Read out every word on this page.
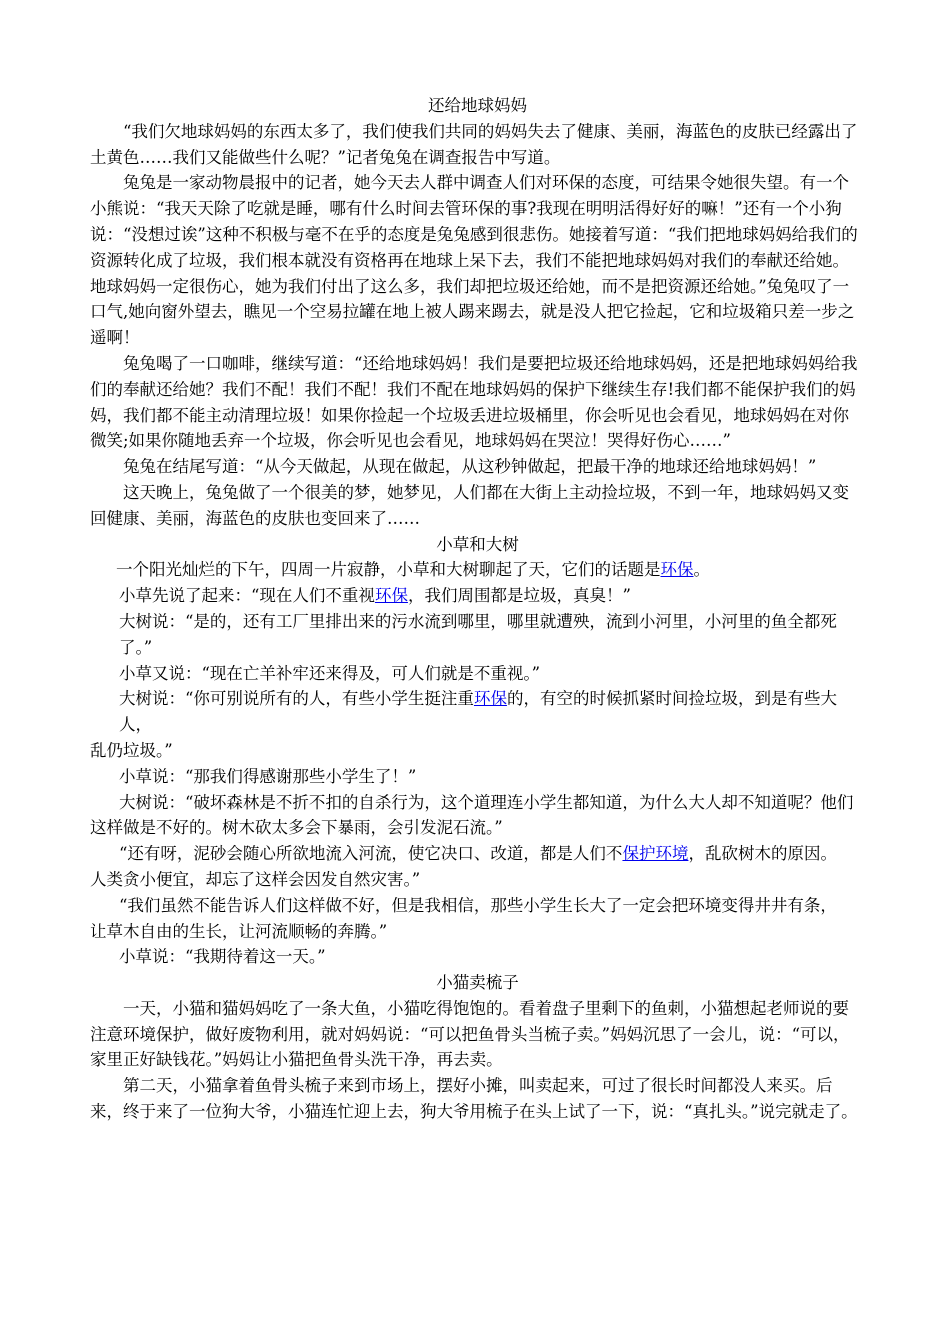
还给地球妈妈

“我们欠地球妈妈的东西太多了，我们使我们共同的妈妈失去了健康、美丽，海蓝色的皮肤已经露出了土黄色……我们又能做些什么呢？”记者兔兔在调查报告中写道。

兔兔是一家动物晨报中的记者，她今天去人群中调查人们对环保的态度，可结果令她很失望。有一个小熊说：“我天天除了吃就是睡，哪有什么时间去管环保的事?我现在明明活得好好的嘛！”还有一个小狗说：“没想过诶”这种不积极与毫不在乎的态度是兔兔感到很悲伤。她接着写道：“我们把地球妈妈给我们的资源转化成了垃圾，我们根本就没有资格再在地球上呆下去，我们不能把地球妈妈对我们的奉献还给她。地球妈妈一定很伤心，她为我们付出了这么多，我们却把垃圾还给她，而不是把资源还给她。”兔兔叹了一口气,她向窗外望去，瞧见一个空易拉罐在地上被人踢来踢去，就是没人把它捡起，它和垃圾箱只差一步之遥啊！

兔兔喝了一口咖啡，继续写道：“还给地球妈妈！我们是要把垃圾还给地球妈妈，还是把地球妈妈给我们的奉献还给她？我们不配！我们不配！我们不配在地球妈妈的保护下继续生存!我们都不能保护我们的妈妈，我们都不能主动清理垃圾！如果你捡起一个垃圾丢进垃圾桶里，你会听见也会看见，地球妈妈在对你微笑;如果你随地丢弃一个垃圾，你会听见也会看见，地球妈妈在哭泣！哭得好伤心……”

兔兔在结尾写道：“从今天做起，从现在做起，从这秒钟做起，把最干净的地球还给地球妈妈！”

这天晚上，兔兔做了一个很美的梦，她梦见，人们都在大街上主动捡垃圾，不到一年，地球妈妈又变回健康、美丽，海蓝色的皮肤也变回来了……

小草和大树

一个阳光灿烂的下午，四周一片寂静，小草和大树聊起了天，它们的话题是环保。

小草先说了起来：“现在人们不重视环保，我们周围都是垃圾，真臭！”

大树说：“是的，还有工厂里排出来的污水流到哪里，哪里就遭殃，流到小河里，小河里的鱼全都死了。”

小草又说：“现在亡羊补牢还来得及，可人们就是不重视。”

大树说：“你可别说所有的人，有些小学生挺注重环保的，有空的时候抓紧时间捡垃圾，到是有些大人，

乱仍垃圾。”

小草说：“那我们得感谢那些小学生了！”

大树说：“破坏森林是不折不扣的自杀行为，这个道理连小学生都知道，为什么大人却不知道呢？他们

这样做是不好的。树木砍太多会下暴雨，会引发泥石流。”

“还有呀，泥砂会随心所欲地流入河流，使它决口、改道，都是人们不保护环境，乱砍树木的原因。

人类贪小便宜，却忘了这样会因发自然灾害。”

“我们虽然不能告诉人们这样做不好，但是我相信，那些小学生长大了一定会把环境变得井井有条，

让草木自由的生长，让河流顺畅的奔腾。”

小草说：“我期待着这一天。”

小猫卖梳子

一天，小猫和猫妈妈吃了一条大鱼，小猫吃得饱饱的。看着盘子里剩下的鱼刺，小猫想起老师说的要注意环境保护，做好废物利用，就对妈妈说：“可以把鱼骨头当梳子卖。”妈妈沉思了一会儿，说：“可以，家里正好缺钱花。”妈妈让小猫把鱼骨头洗干净，再去卖。

第二天，小猫拿着鱼骨头梳子来到市场上，摆好小摊，叫卖起来，可过了很长时间都没人来买。后来，终于来了一位狗大爷，小猫连忙迎上去，狗大爷用梳子在头上试了一下，说：“真扎头。”说完就走了。
